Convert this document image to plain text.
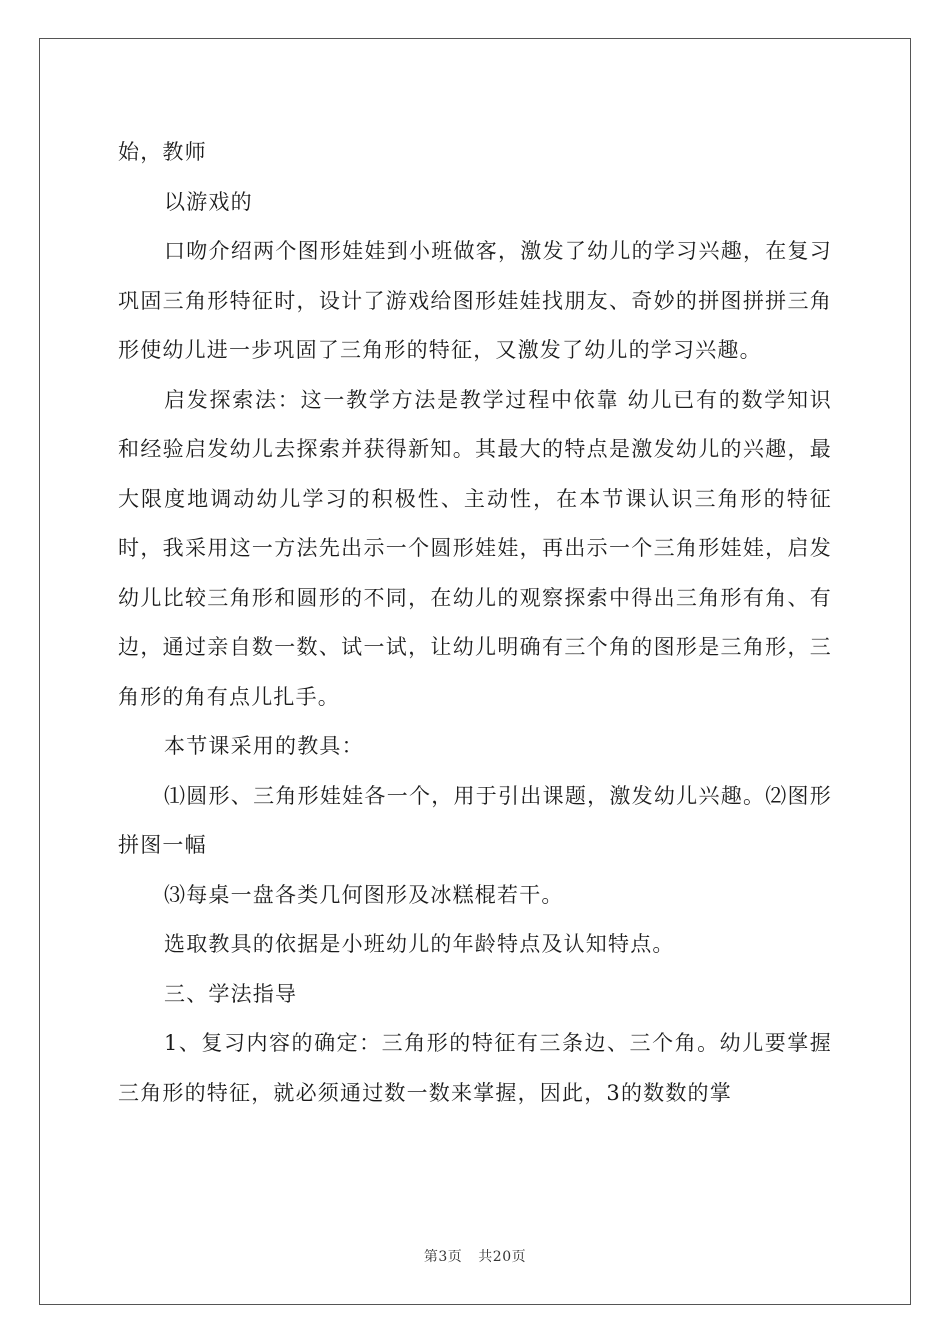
始，教师

以游戏的

口吻介绍两个图形娃娃到小班做客，激发了幼儿的学习兴趣，在复习巩固三角形特征时，设计了游戏给图形娃娃找朋友、奇妙的拼图拼拼三角形使幼儿进一步巩固了三角形的特征，又激发了幼儿的学习兴趣。

启发探索法：这一教学方法是教学过程中依靠 幼儿已有的数学知识和经验启发幼儿去探索并获得新知。其最大的特点是激发幼儿的兴趣，最大限度地调动幼儿学习的积极性、主动性，在本节课认识三角形的特征时，我采用这一方法先出示一个圆形娃娃，再出示一个三角形娃娃，启发幼儿比较三角形和圆形的不同，在幼儿的观察探索中得出三角形有角、有边，通过亲自数一数、试一试，让幼儿明确有三个角的图形是三角形，三角形的角有点儿扎手。

本节课采用的教具：

⑴圆形、三角形娃娃各一个，用于引出课题，激发幼儿兴趣。⑵图形拼图一幅

⑶每桌一盘各类几何图形及冰糕棍若干。

选取教具的依据是小班幼儿的年龄特点及认知特点。

三、学法指导

1、复习内容的确定：三角形的特征有三条边、三个角。幼儿要掌握三角形的特征，就必须通过数一数来掌握，因此，3的数数的掌

第3页 共20页
